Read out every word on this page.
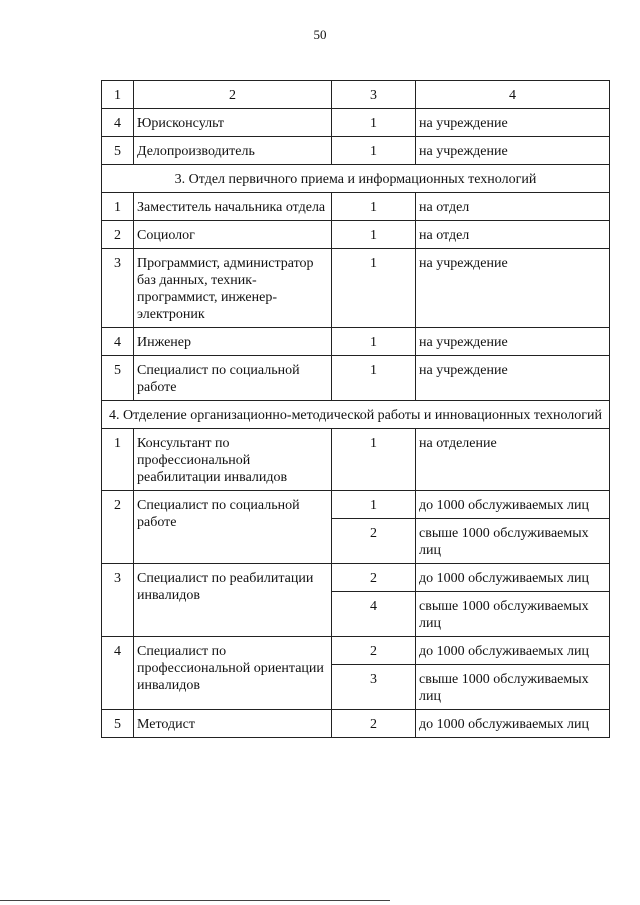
50
1	2	3	4
4	Юрисконсульт	1	на учреждение
5	Делопроизводитель	1	на учреждение
3. Отдел первичного приема и информационных технологий			
1	Заместитель начальника отдела	1	на отдел
2	Социолог	1	на отдел
3	Программист, администратор баз данных, техник-программист, инженер-электроник	1	на учреждение
4	Инженер	1	на учреждение
5	Специалист по социальной работе	1	на учреждение
4. Отделение организационно-методической работы и инновационных технологий			
1	Консультант по профессиональной реабилитации инвалидов	1	на отделение
2	Специалист по социальной работе	1	до 1000 обслуживаемых лиц
		2	свыше 1000 обслуживаемых лиц
3	Специалист по реабилитации инвалидов	2	до 1000 обслуживаемых лиц
		4	свыше 1000 обслуживаемых лиц
4	Специалист по профессиональной ориентации инвалидов	2	до 1000 обслуживаемых лиц
		3	свыше 1000 обслуживаемых лиц
5	Методист	2	до 1000 обслуживаемых лиц
